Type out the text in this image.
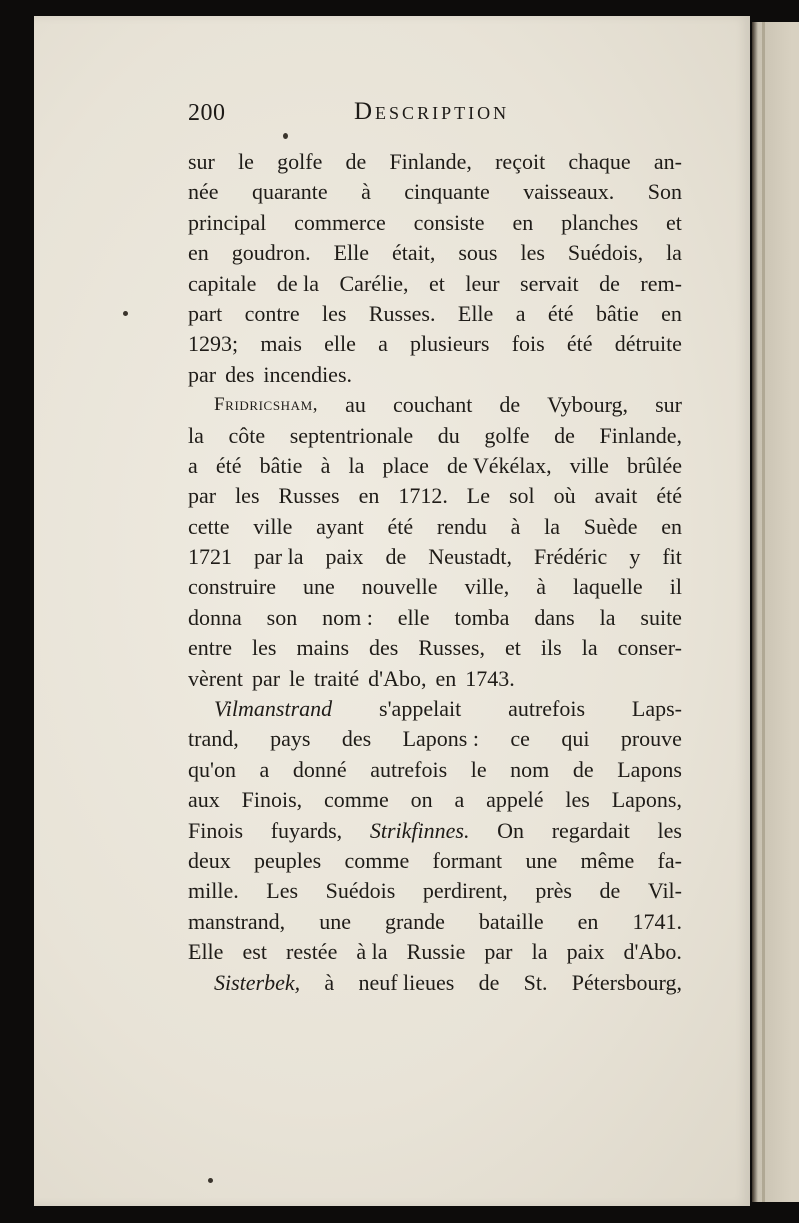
200	Description
sur le golfe de Finlande, reçoit chaque an-
née quarante à cinquante vaisseaux. Son
principal commerce consiste en planches et
en goudron. Elle était, sous les Suédois, la
capitale de la Carélie, et leur servait de rem-
part contre les Russes. Elle a été bâtie en
1293; mais elle a plusieurs fois été détruite
par des incendies.
Fridricsham, au couchant de Vybourg, sur
la côte septentrionale du golfe de Finlande,
a été bâtie à la place de Vékélax, ville brûlée
par les Russes en 1712. Le sol où avait été
cette ville ayant été rendu à la Suède en
1721 par la paix de Neustadt, Frédéric y fit
construire une nouvelle ville, à laquelle il
donna son nom : elle tomba dans la suite
entre les mains des Russes, et ils la conser-
vèrent par le traité d'Abo, en 1743.
Vilmanstrand s'appelait autrefois Laps-
trand, pays des Lapons : ce qui prouve
qu'on a donné autrefois le nom de Lapons
aux Finois, comme on a appelé les Lapons,
Finois fuyards, Strikfinnes. On regardait les
deux peuples comme formant une même fa-
mille. Les Suédois perdirent, près de Vil-
manstrand, une grande bataille en 1741.
Elle est restée à la Russie par la paix d'Abo.
Sisterbek, à neuf lieues de St. Pétersbourg,
